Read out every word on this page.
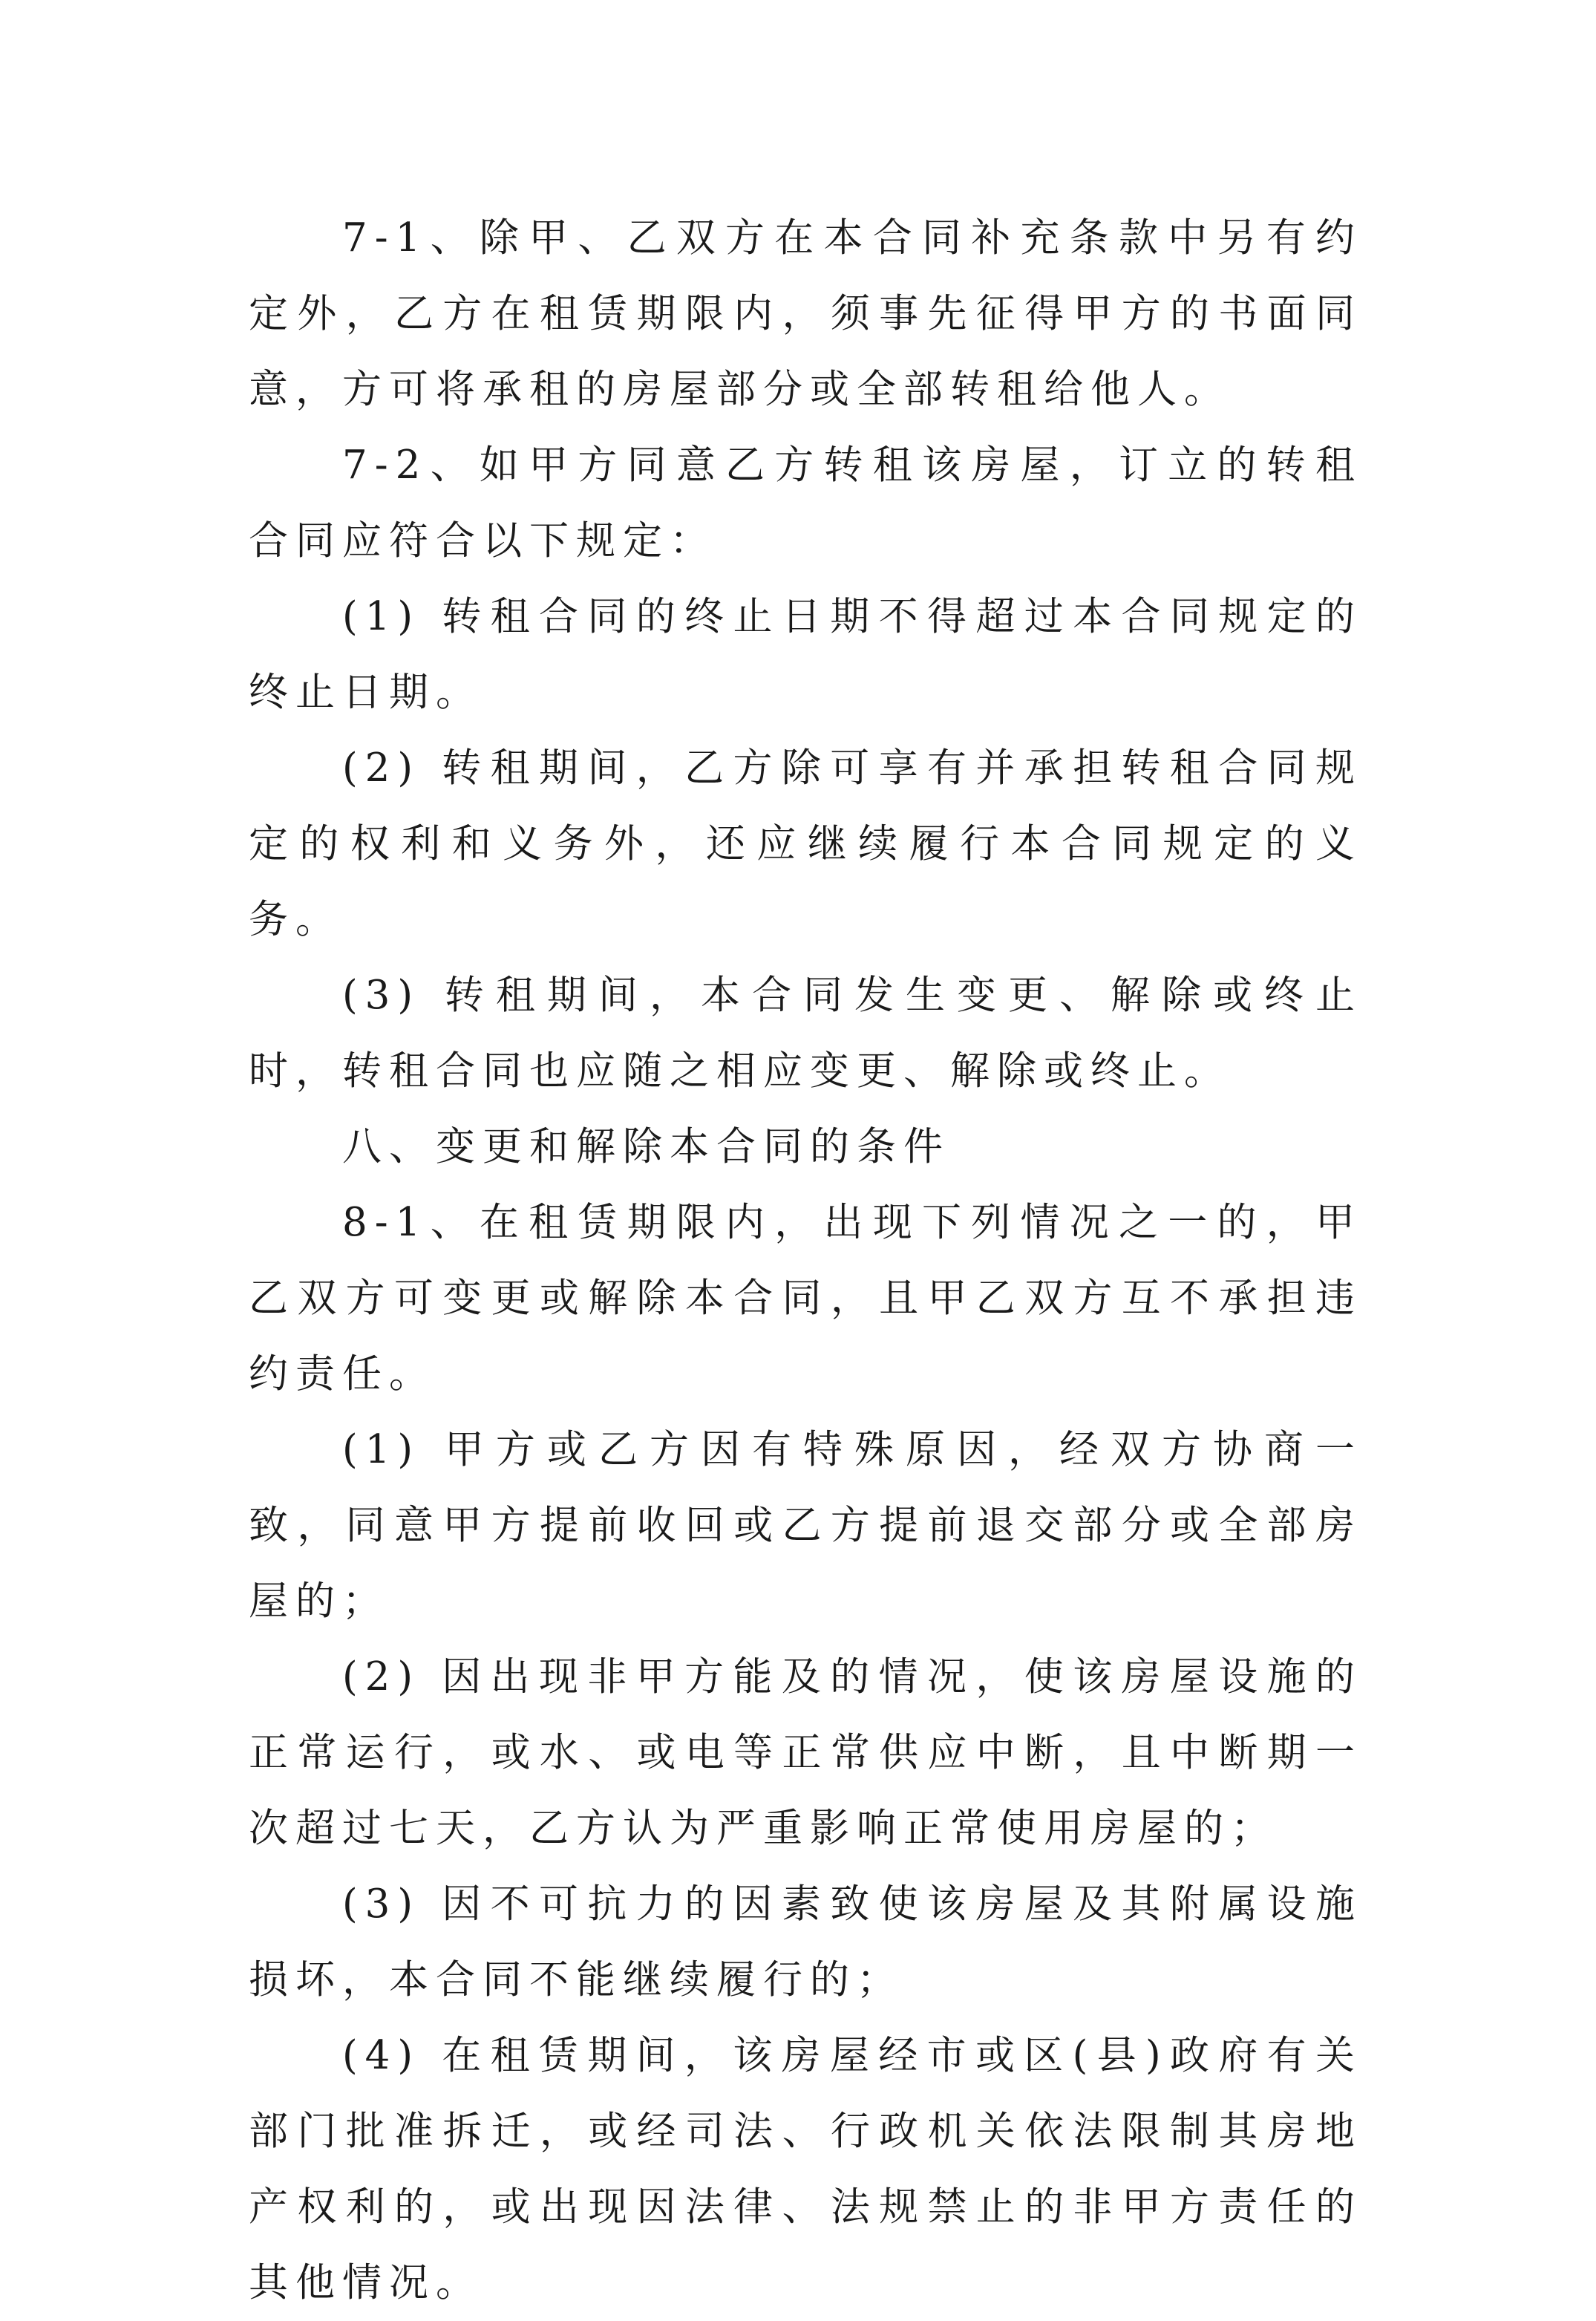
7-1、除甲、乙双方在本合同补充条款中另有约定外，乙方在租赁期限内，须事先征得甲方的书面同意，方可将承租的房屋部分或全部转租给他人。

7-2、如甲方同意乙方转租该房屋，订立的转租合同应符合以下规定：

(1) 转租合同的终止日期不得超过本合同规定的终止日期。

(2) 转租期间，乙方除可享有并承担转租合同规定的权利和义务外，还应继续履行本合同规定的义务。

(3) 转租期间，本合同发生变更、解除或终止时，转租合同也应随之相应变更、解除或终止。

八、变更和解除本合同的条件

8-1、在租赁期限内，出现下列情况之一的，甲乙双方可变更或解除本合同，且甲乙双方互不承担违约责任。

(1) 甲方或乙方因有特殊原因，经双方协商一致，同意甲方提前收回或乙方提前退交部分或全部房屋的；

(2) 因出现非甲方能及的情况，使该房屋设施的正常运行，或水、或电等正常供应中断，且中断期一次超过七天，乙方认为严重影响正常使用房屋的；

(3) 因不可抗力的因素致使该房屋及其附属设施损坏，本合同不能继续履行的；

(4) 在租赁期间，该房屋经市或区(县)政府有关部门批准拆迁，或经司法、行政机关依法限制其房地产权利的，或出现因法律、法规禁止的非甲方责任的其他情况。
